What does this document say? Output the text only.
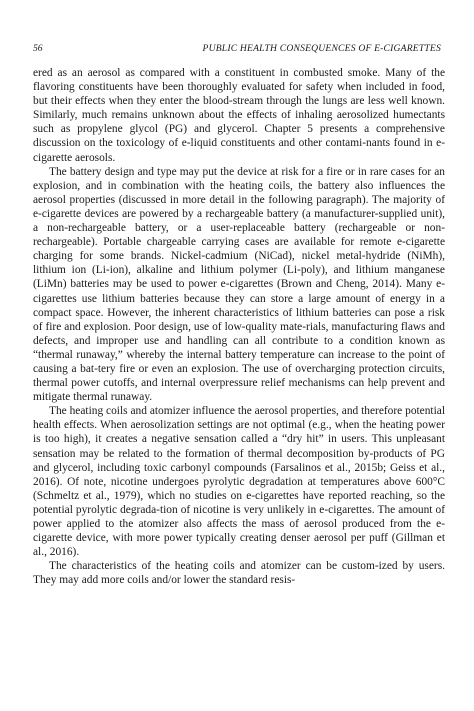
56	PUBLIC HEALTH CONSEQUENCES OF E-CIGARETTES

ered as an aerosol as compared with a constituent in combusted smoke. Many of the flavoring constituents have been thoroughly evaluated for safety when included in food, but their effects when they enter the blood-stream through the lungs are less well known. Similarly, much remains unknown about the effects of inhaling aerosolized humectants such as propylene glycol (PG) and glycerol. Chapter 5 presents a comprehensive discussion on the toxicology of e-liquid constituents and other contami-nants found in e-cigarette aerosols.

The battery design and type may put the device at risk for a fire or in rare cases for an explosion, and in combination with the heating coils, the battery also influences the aerosol properties (discussed in more detail in the following paragraph). The majority of e-cigarette devices are powered by a rechargeable battery (a manufacturer-supplied unit), a non-rechargeable battery, or a user-replaceable battery (rechargeable or non-rechargeable). Portable chargeable carrying cases are available for remote e-cigarette charging for some brands. Nickel-cadmium (NiCad), nickel metal-hydride (NiMh), lithium ion (Li-ion), alkaline and lithium polymer (Li-poly), and lithium manganese (LiMn) batteries may be used to power e-cigarettes (Brown and Cheng, 2014). Many e-cigarettes use lithium batteries because they can store a large amount of energy in a compact space. However, the inherent characteristics of lithium batteries can pose a risk of fire and explosion. Poor design, use of low-quality mate-rials, manufacturing flaws and defects, and improper use and handling can all contribute to a condition known as “thermal runaway,” whereby the internal battery temperature can increase to the point of causing a bat-tery fire or even an explosion. The use of overcharging protection circuits, thermal power cutoffs, and internal overpressure relief mechanisms can help prevent and mitigate thermal runaway.

The heating coils and atomizer influence the aerosol properties, and therefore potential health effects. When aerosolization settings are not optimal (e.g., when the heating power is too high), it creates a negative sensation called a “dry hit” in users. This unpleasant sensation may be related to the formation of thermal decomposition by-products of PG and glycerol, including toxic carbonyl compounds (Farsalinos et al., 2015b; Geiss et al., 2016). Of note, nicotine undergoes pyrolytic degradation at temperatures above 600°C (Schmeltz et al., 1979), which no studies on e-cigarettes have reported reaching, so the potential pyrolytic degrada-tion of nicotine is very unlikely in e-cigarettes. The amount of power applied to the atomizer also affects the mass of aerosol produced from the e-cigarette device, with more power typically creating denser aerosol per puff (Gillman et al., 2016).

The characteristics of the heating coils and atomizer can be custom-ized by users. They may add more coils and/or lower the standard resis-
